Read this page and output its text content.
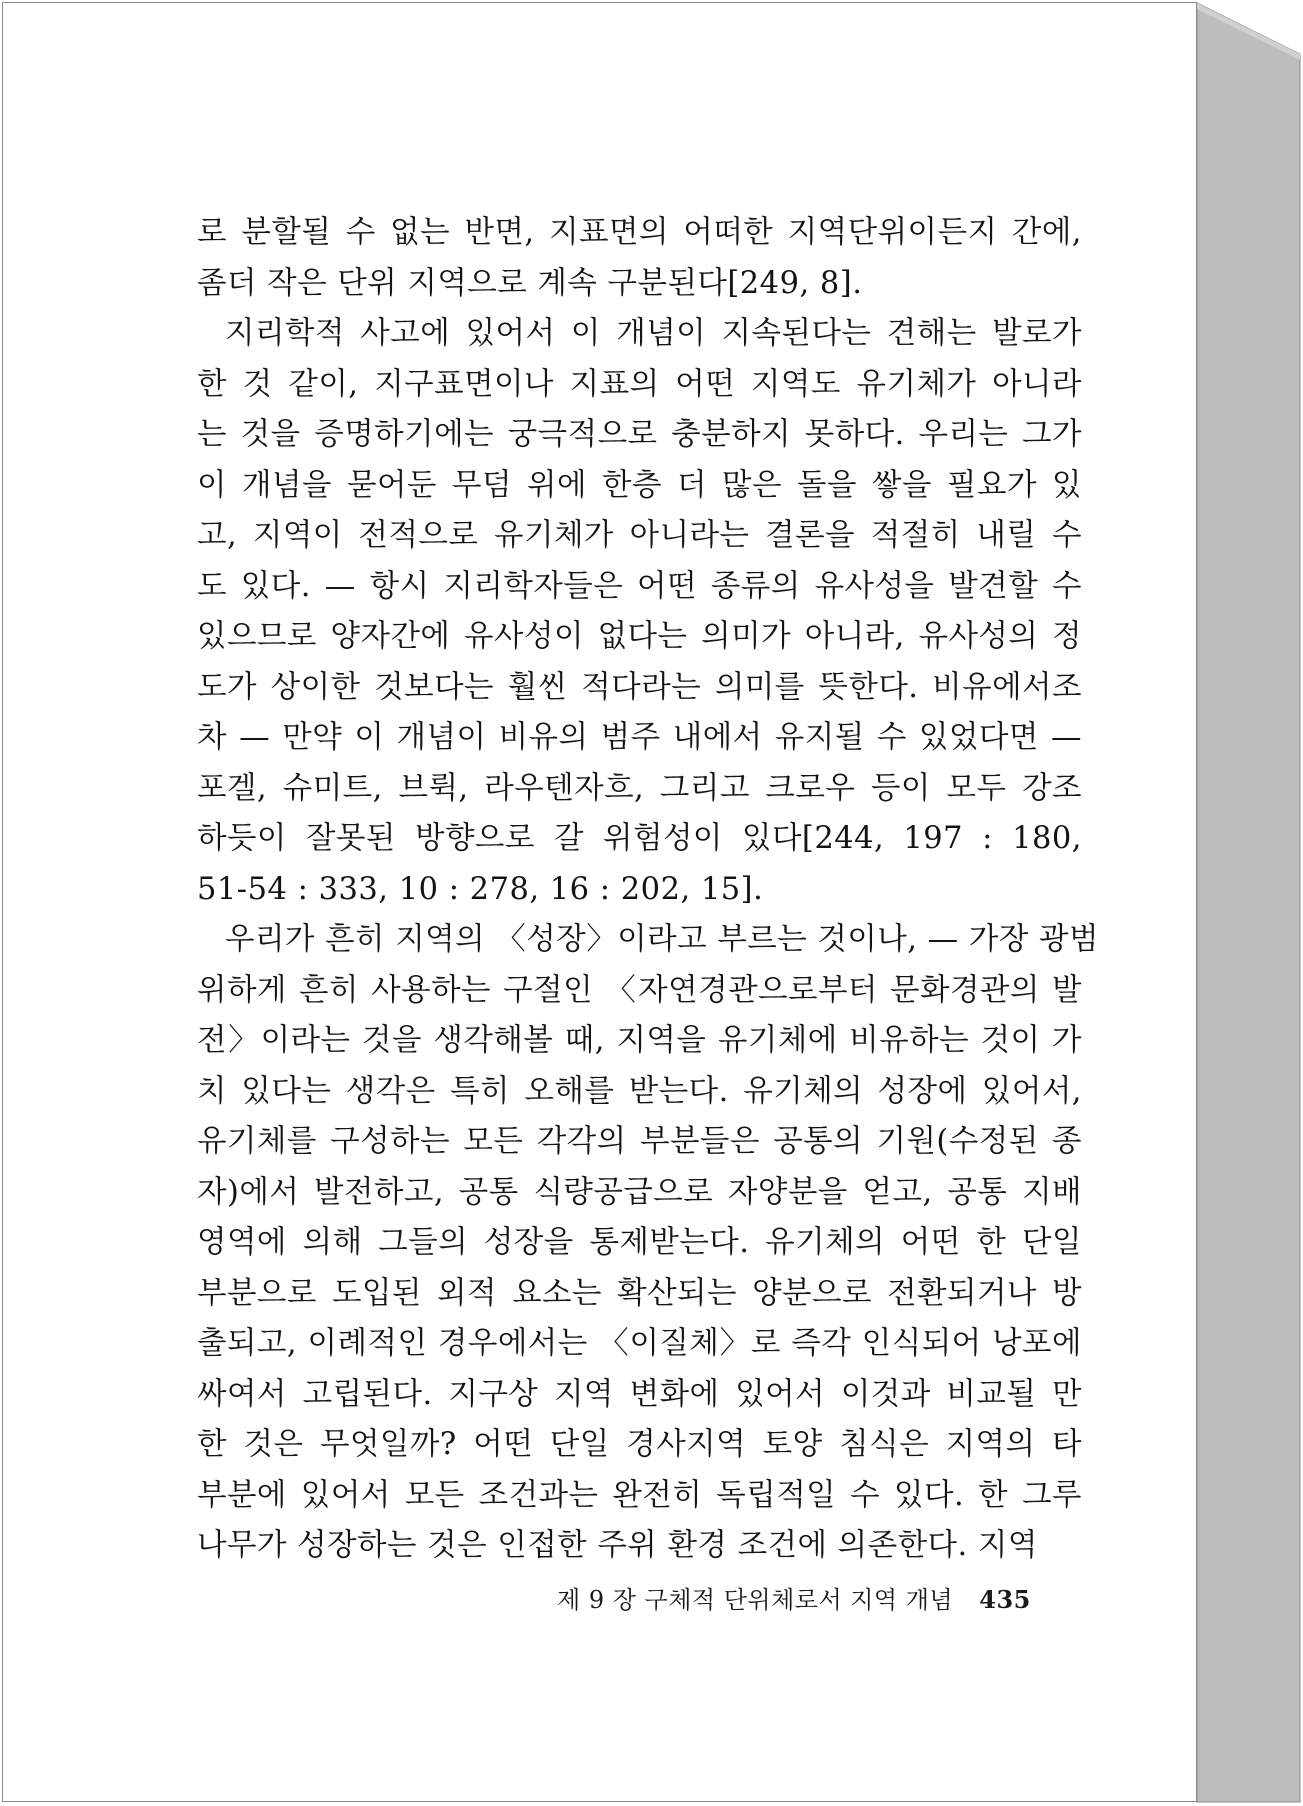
로 분할될 수 없는 반면, 지표면의 어떠한 지역단위이든지 간에,
좀더 작은 단위 지역으로 계속 구분된다[249, 8].
지리학적 사고에 있어서 이 개념이 지속된다는 견해는 발로가
한 것 같이, 지구표면이나 지표의 어떤 지역도 유기체가 아니라
는 것을 증명하기에는 궁극적으로 충분하지 못하다. 우리는 그가
이 개념을 묻어둔 무덤 위에 한층 더 많은 돌을 쌓을 필요가 있
고, 지역이 전적으로 유기체가 아니라는 결론을 적절히 내릴 수
도 있다. — 항시 지리학자들은 어떤 종류의 유사성을 발견할 수
있으므로 양자간에 유사성이 없다는 의미가 아니라, 유사성의 정
도가 상이한 것보다는 훨씬 적다라는 의미를 뜻한다. 비유에서조
차 — 만약 이 개념이 비유의 범주 내에서 유지될 수 있었다면 —
포겔, 슈미트, 브뤽, 라우텐자흐, 그리고 크로우 등이 모두 강조
하듯이 잘못된 방향으로 갈 위험성이 있다[244, 197 : 180,
51-54 : 333, 10 : 278, 16 : 202, 15].
우리가 흔히 지역의 〈성장〉이라고 부르는 것이나, — 가장 광범
위하게 흔히 사용하는 구절인 〈자연경관으로부터 문화경관의 발
전〉이라는 것을 생각해볼 때, 지역을 유기체에 비유하는 것이 가
치 있다는 생각은 특히 오해를 받는다. 유기체의 성장에 있어서,
유기체를 구성하는 모든 각각의 부분들은 공통의 기원(수정된 종
자)에서 발전하고, 공통 식량공급으로 자양분을 얻고, 공통 지배
영역에 의해 그들의 성장을 통제받는다. 유기체의 어떤 한 단일
부분으로 도입된 외적 요소는 확산되는 양분으로 전환되거나 방
출되고, 이례적인 경우에서는 〈이질체〉로 즉각 인식되어 낭포에
싸여서 고립된다. 지구상 지역 변화에 있어서 이것과 비교될 만
한 것은 무엇일까? 어떤 단일 경사지역 토양 침식은 지역의 타
부분에 있어서 모든 조건과는 완전히 독립적일 수 있다. 한 그루
나무가 성장하는 것은 인접한 주위 환경 조건에 의존한다. 지역
제 9 장 구체적 단위체로서 지역 개념 435
